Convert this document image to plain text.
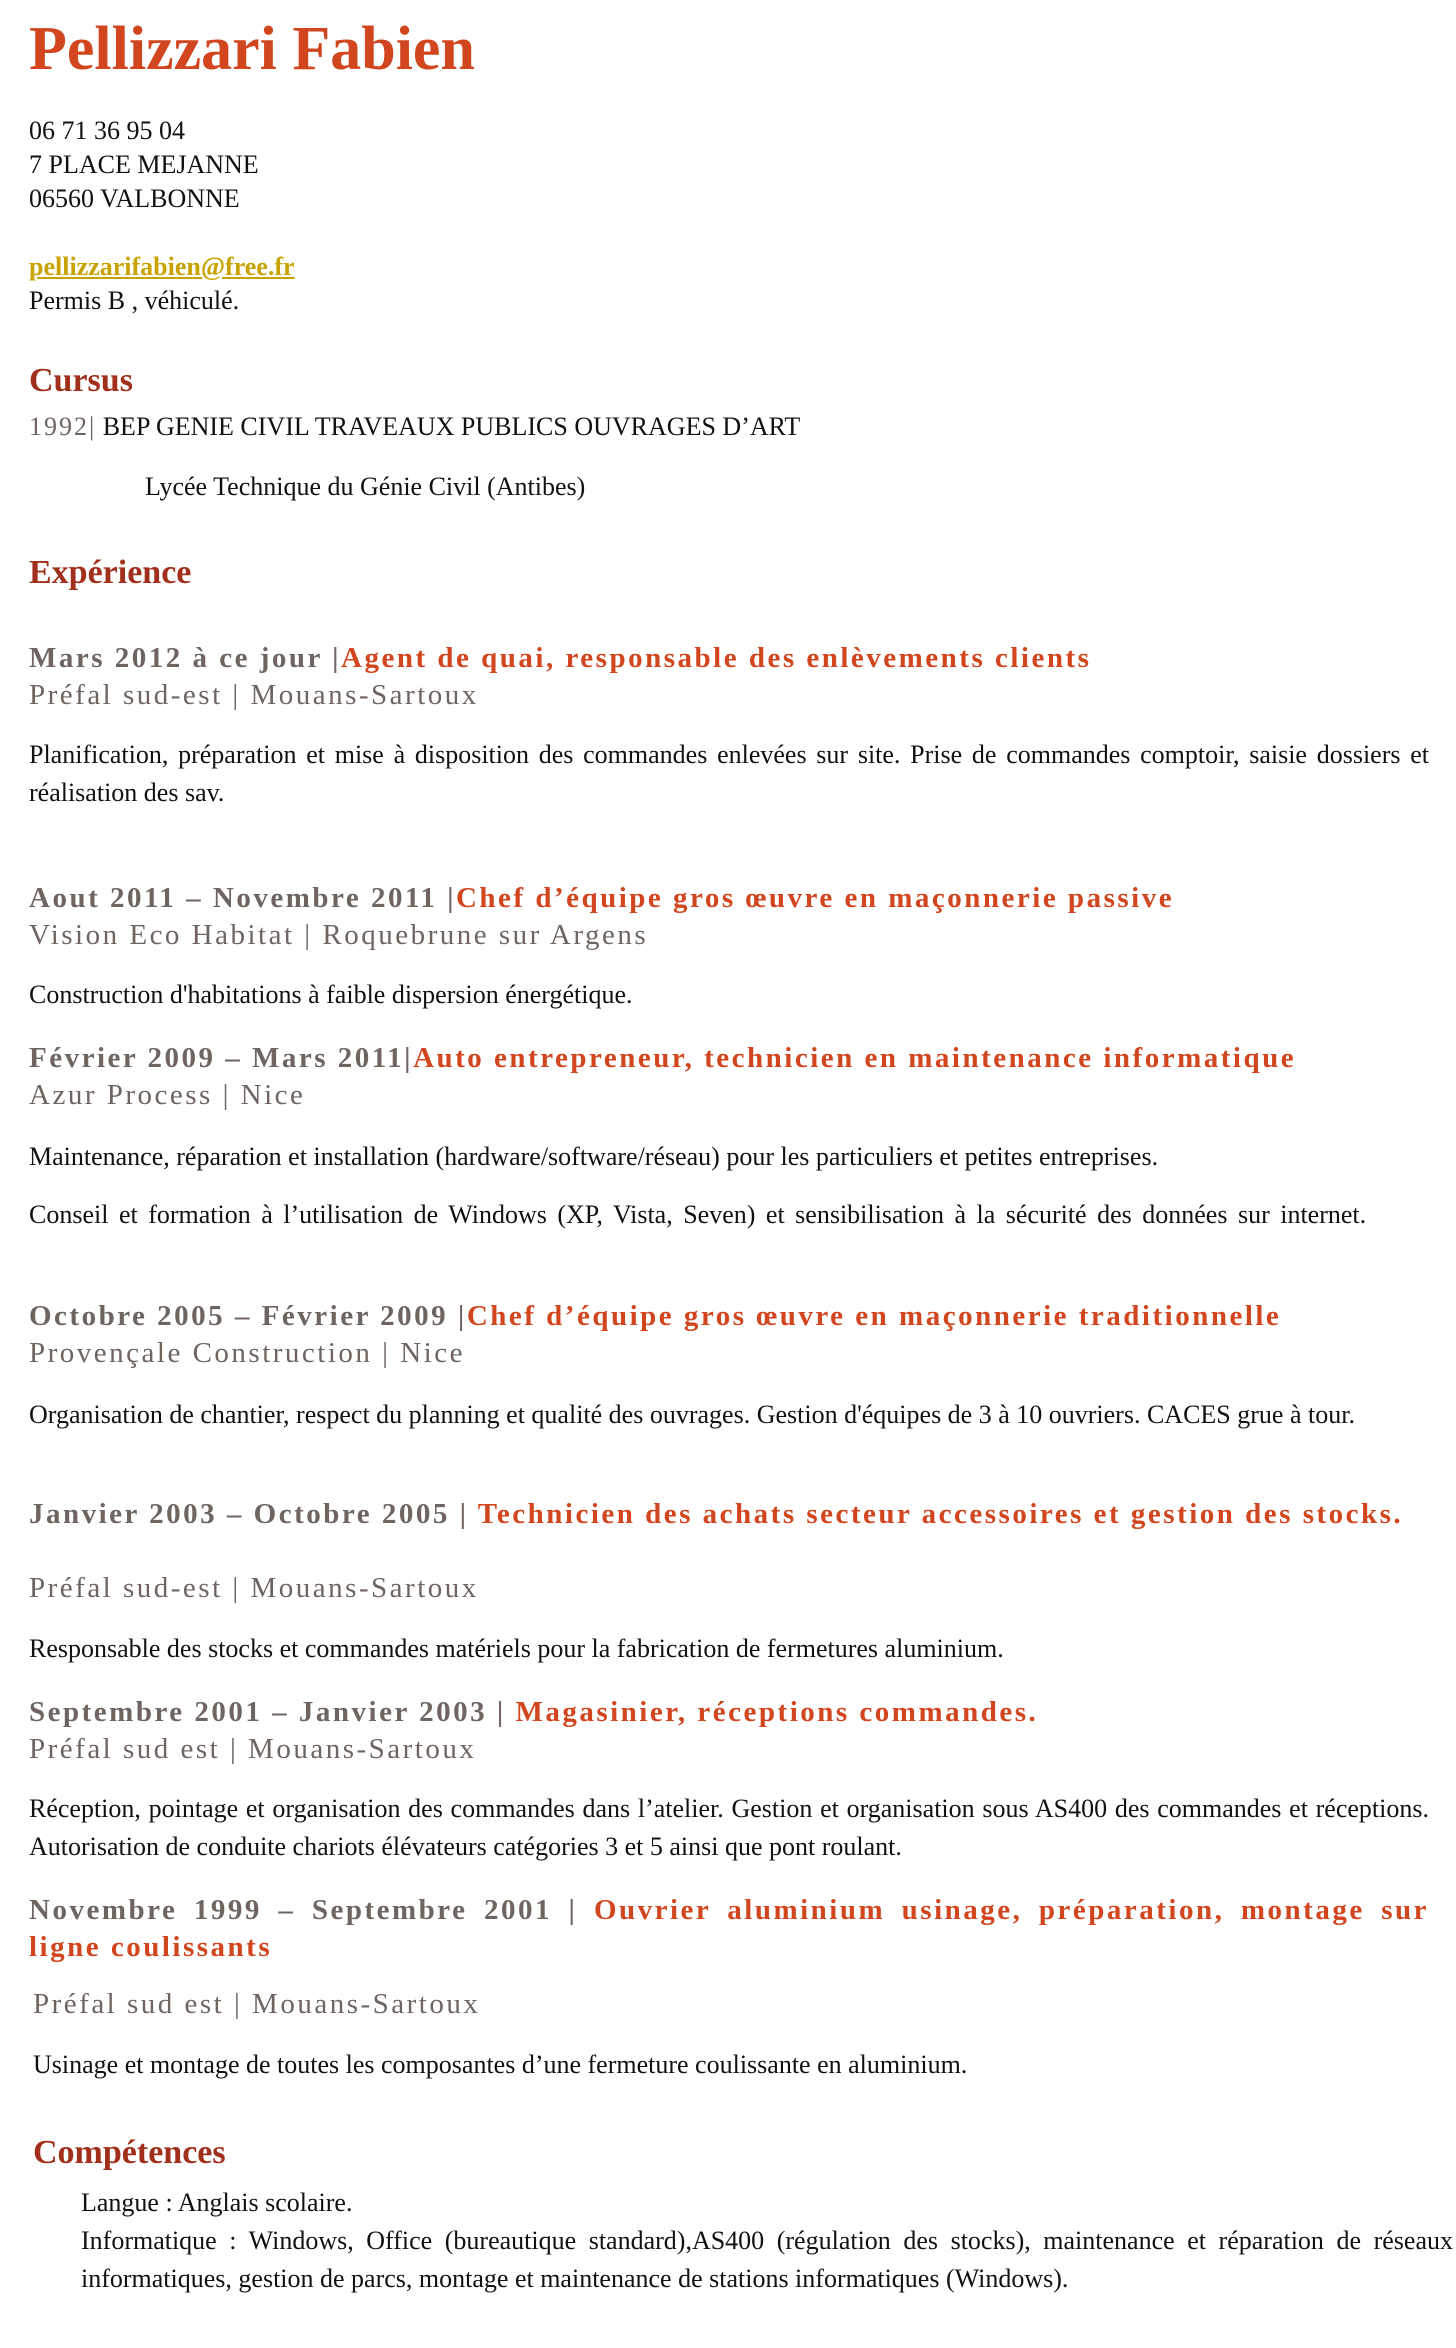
Pellizzari Fabien
06 71 36 95 04
7 PLACE MEJANNE
06560 VALBONNE
pellizzarifabien@free.fr
Permis B , véhiculé.
Cursus
1992| BEP GENIE CIVIL TRAVEAUX PUBLICS OUVRAGES D’ART
Lycée Technique du Génie Civil (Antibes)
Expérience
Mars 2012 à ce jour |Agent de quai, responsable des enlèvements clients
Préfal sud-est | Mouans-Sartoux
Planification, préparation et mise à disposition des commandes enlevées sur site. Prise de commandes comptoir, saisie dossiers et réalisation des sav.
Aout 2011 – Novembre 2011 |Chef d’équipe gros œuvre en maçonnerie passive
Vision Eco Habitat | Roquebrune sur Argens
Construction d'habitations à faible dispersion énergétique.
Février 2009 – Mars 2011|Auto entrepreneur, technicien en maintenance informatique
Azur Process | Nice
Maintenance, réparation et installation (hardware/software/réseau) pour les particuliers et petites entreprises.
Conseil et formation à l’utilisation de Windows (XP, Vista, Seven) et sensibilisation à la sécurité des données sur internet.
Octobre 2005 – Février 2009 |Chef d’équipe gros œuvre en maçonnerie traditionnelle
Provençale Construction | Nice
Organisation de chantier, respect du planning et qualité des ouvrages. Gestion d'équipes de 3 à 10 ouvriers. CACES grue à tour.
Janvier 2003 – Octobre 2005 | Technicien des achats secteur accessoires et gestion des stocks.
Préfal sud-est | Mouans-Sartoux
Responsable des stocks et commandes matériels pour la fabrication de fermetures aluminium.
Septembre 2001 – Janvier 2003 | Magasinier, réceptions commandes.
Préfal sud est | Mouans-Sartoux
Réception, pointage et organisation des commandes dans l’atelier. Gestion et organisation sous AS400 des commandes et réceptions. Autorisation de conduite chariots élévateurs catégories 3 et 5 ainsi que pont roulant.
Novembre 1999 – Septembre 2001 | Ouvrier aluminium usinage, préparation, montage sur ligne coulissants
Préfal sud est | Mouans-Sartoux
Usinage et montage de toutes les composantes d’une fermeture coulissante en aluminium.
Compétences
Langue : Anglais scolaire.
Informatique : Windows, Office (bureautique standard),AS400 (régulation des stocks), maintenance et réparation de réseaux informatiques, gestion de parcs, montage et maintenance de stations informatiques (Windows).
